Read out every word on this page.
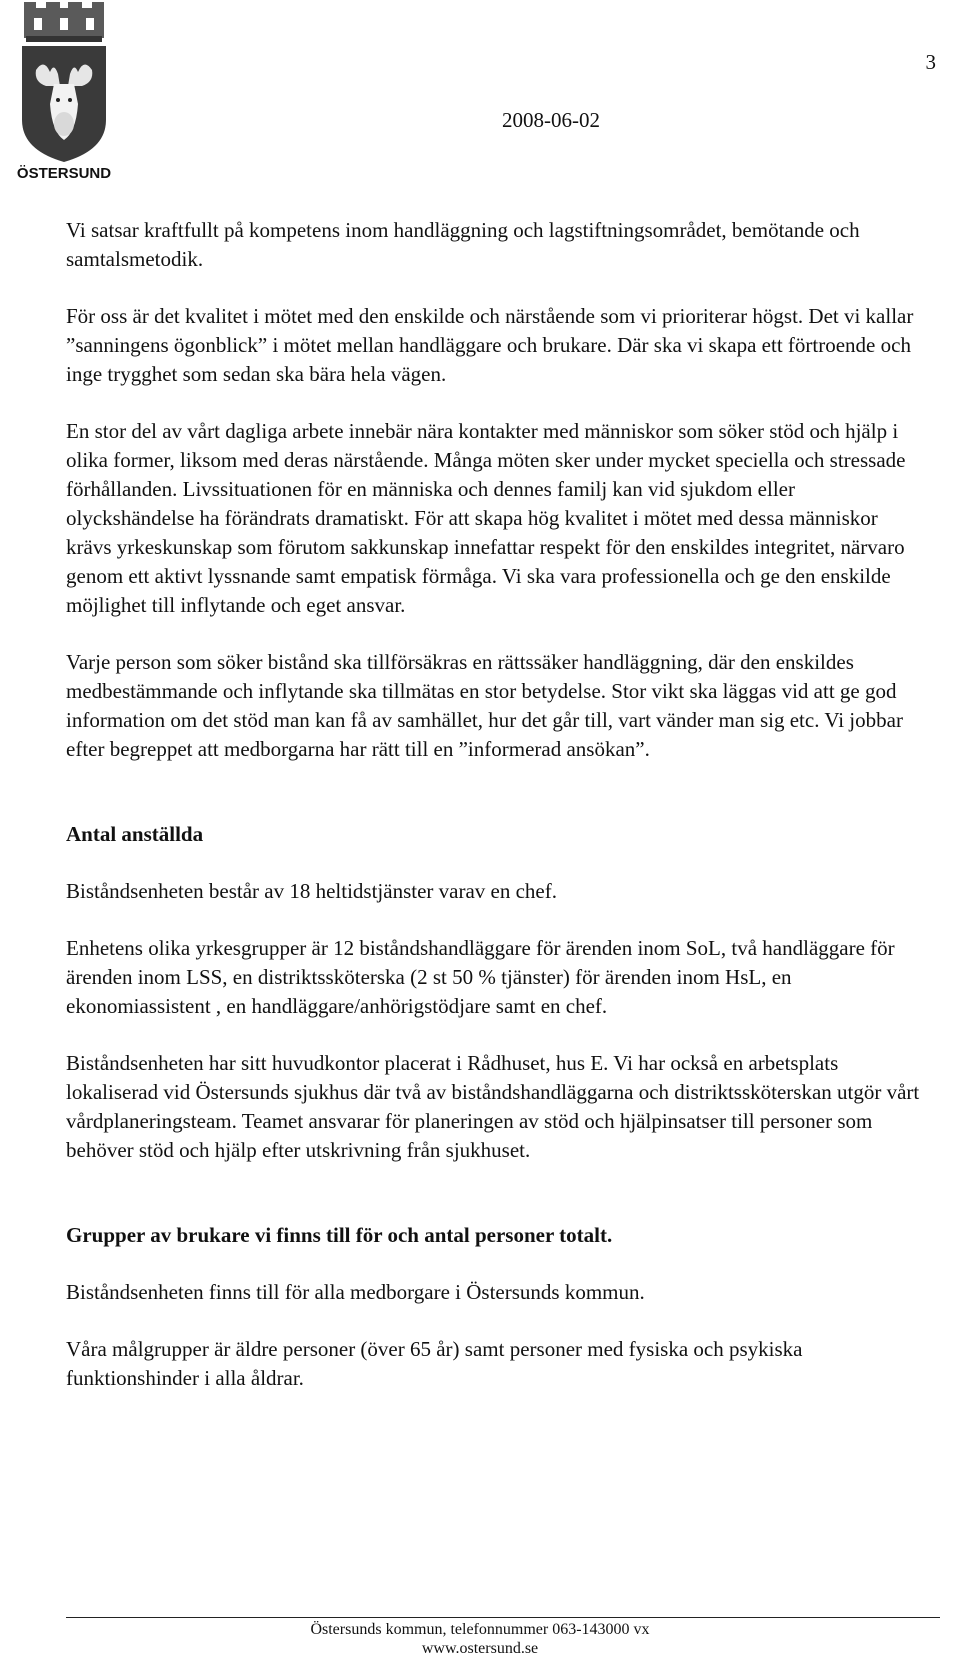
ÖSTERSUND
3
2008-06-02

Vi satsar kraftfullt på kompetens inom handläggning och lagstiftningsområdet, bemötande och samtalsmetodik.

För oss är det kvalitet i mötet med den enskilde och närstående som vi prioriterar högst. Det vi kallar ”sanningens ögonblick” i mötet mellan handläggare och brukare. Där ska vi skapa ett förtroende och inge trygghet som sedan ska bära hela vägen.

En stor del av vårt dagliga arbete innebär nära kontakter med människor som söker stöd och hjälp i olika former, liksom med deras närstående. Många möten sker under mycket speciella och stressade förhållanden. Livssituationen för en människa och dennes familj kan vid sjukdom eller olyckshändelse ha förändrats dramatiskt. För att skapa hög kvalitet i mötet med dessa människor krävs yrkeskunskap som förutom sakkunskap innefattar respekt för den enskildes integritet, närvaro genom ett aktivt lyssnande samt empatisk förmåga. Vi ska vara professionella och ge den enskilde möjlighet till inflytande och eget ansvar.

Varje person som söker bistånd ska tillförsäkras en rättssäker handläggning, där den enskildes medbestämmande och inflytande ska tillmätas en stor betydelse. Stor vikt ska läggas vid att ge god information om det stöd man kan få av samhället, hur det går till, vart vänder man sig etc. Vi jobbar efter begreppet att medborgarna har rätt till en ”informerad ansökan”.

Antal anställda

Biståndsenheten består av 18 heltidstjänster varav en chef.

Enhetens olika yrkesgrupper är 12 biståndshandläggare för ärenden inom SoL, två handläggare för ärenden inom LSS, en distriktssköterska (2 st 50 % tjänster) för ärenden inom HsL, en ekonomiassistent , en handläggare/anhörigstödjare samt en chef.

Biståndsenheten har sitt huvudkontor placerat i Rådhuset, hus E. Vi har också en arbetsplats lokaliserad vid Östersunds sjukhus där två av biståndshandläggarna och distriktssköterskan utgör vårt vårdplaneringsteam. Teamet ansvarar för planeringen av stöd och hjälpinsatser till personer som behöver stöd och hjälp efter utskrivning från sjukhuset.

Grupper av brukare vi finns till för och antal personer totalt.

Biståndsenheten finns till för alla medborgare i Östersunds kommun.

Våra målgrupper är äldre personer (över 65 år) samt personer med fysiska och psykiska funktionshinder i alla åldrar.

Östersunds kommun, telefonnummer 063-143000 vx
www.ostersund.se
